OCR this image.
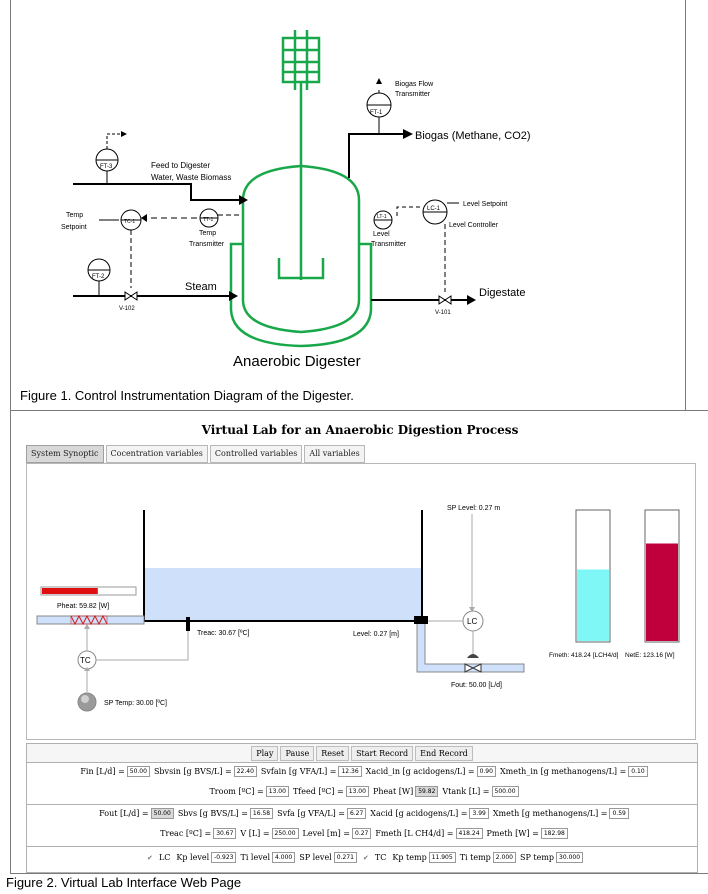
Biogas (Methane, CO2)
FT-1
Biogas Flow
Transmitter
FT-3	Feed to Digester
Water, Waste Biomass
Temp
Setpoint
TC-1	TT-1
Temp
Transmitter
FT-2
V-102
Steam
LT-1
Level
Transmitter
LC-1
Level Setpoint
Level Controller
V-101
Digestate
Anaerobic Digester
Figure 1. Control Instrumentation Diagram of the Digester.
Virtual Lab for an Anaerobic Digestion Process
System Synoptic	Cocentration variables	Controlled variables	All variables
Pheat: 59.82 [W]
Treac: 30.67 [ºC]
TC
SP Temp: 30.00 [ºC]
Level: 0.27 [m]
SP Level: 0.27 m
LC
Fout: 50.00 [L/d]
Fmeth: 418.24 [LCH4/d] NetE: 123.16 [W]
Play	Pause	Reset	Start Record	End Record
Fin [L/d] = 50.00 Sbvsin [g BVS/L] = 22.40 Svfain [g VFA/L] = 12.36 Xacid_in [g acidogens/L] = 0.90 Xmeth_in [g methanogens/L] = 0.10
Troom [ºC] = 13.00 Tfeed [ºC] = 13.00 Pheat [W] 59.82 Vtank [L] = 500.00
Fout [L/d] = 50.00 Sbvs [g BVS/L] = 16.58 Svfa [g VFA/L] = 6.27 Xacid [g acidogens/L] = 3.99 Xmeth [g methanogens/L] = 0.59
Treac [ºC] = 30.67 V [L] = 250.00 Level [m] = 0.27 Fmeth [L CH4/d] = 418.24 Pmeth [W] = 182.98
✔ LC Kp level -0.923 Ti level 4.000 SP level 0.271	✔ TC Kp temp 11.905 Ti temp 2.000 SP temp 30.000
Figure 2. Virtual Lab Interface Web Page
